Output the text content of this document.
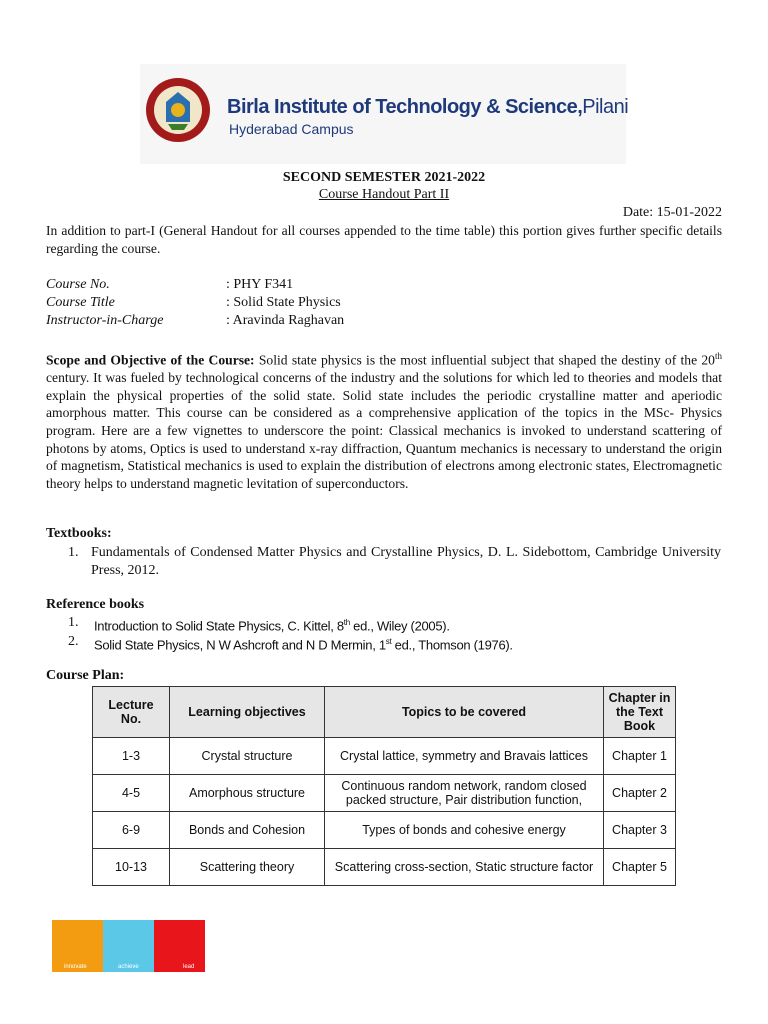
Birla Institute of Technology & Science,Pilani
Hyderabad Campus
SECOND SEMESTER 2021-2022
Course Handout Part II
Date: 15-01-2022
In addition to part-I (General Handout for all courses appended to the time table) this portion gives further specific details regarding the course.
Course No.	: PHY F341
Course Title	: Solid State Physics
Instructor-in-Charge	: Aravinda Raghavan
Scope and Objective of the Course: Solid state physics is the most influential subject that shaped the destiny of the 20th century. It was fueled by technological concerns of the industry and the solutions for which led to theories and models that explain the physical properties of the solid state. Solid state includes the periodic crystalline matter and aperiodic amorphous matter. This course can be considered as a comprehensive application of the topics in the MSc- Physics program. Here are a few vignettes to underscore the point: Classical mechanics is invoked to understand scattering of photons by atoms, Optics is used to understand x-ray diffraction, Quantum mechanics is necessary to understand the origin of magnetism, Statistical mechanics is used to explain the distribution of electrons among electronic states, Electromagnetic theory helps to understand magnetic levitation of superconductors.
Textbooks:
1. Fundamentals of Condensed Matter Physics and Crystalline Physics, D. L. Sidebottom, Cambridge University Press, 2012.
Reference books
1. Introduction to Solid State Physics, C. Kittel, 8th ed., Wiley (2005).
2. Solid State Physics, N W Ashcroft and N D Mermin, 1st ed., Thomson (1976).
Course Plan:
Lecture No.	Learning objectives	Topics to be covered	Chapter in the Text Book
1-3	Crystal structure	Crystal lattice, symmetry and Bravais lattices	Chapter 1
4-5	Amorphous structure	Continuous random network, random closed packed structure, Pair distribution function,	Chapter 2
6-9	Bonds and Cohesion	Types of bonds and cohesive energy	Chapter 3
10-13	Scattering theory	Scattering cross-section, Static structure factor	Chapter 5
innovate	achieve	lead
